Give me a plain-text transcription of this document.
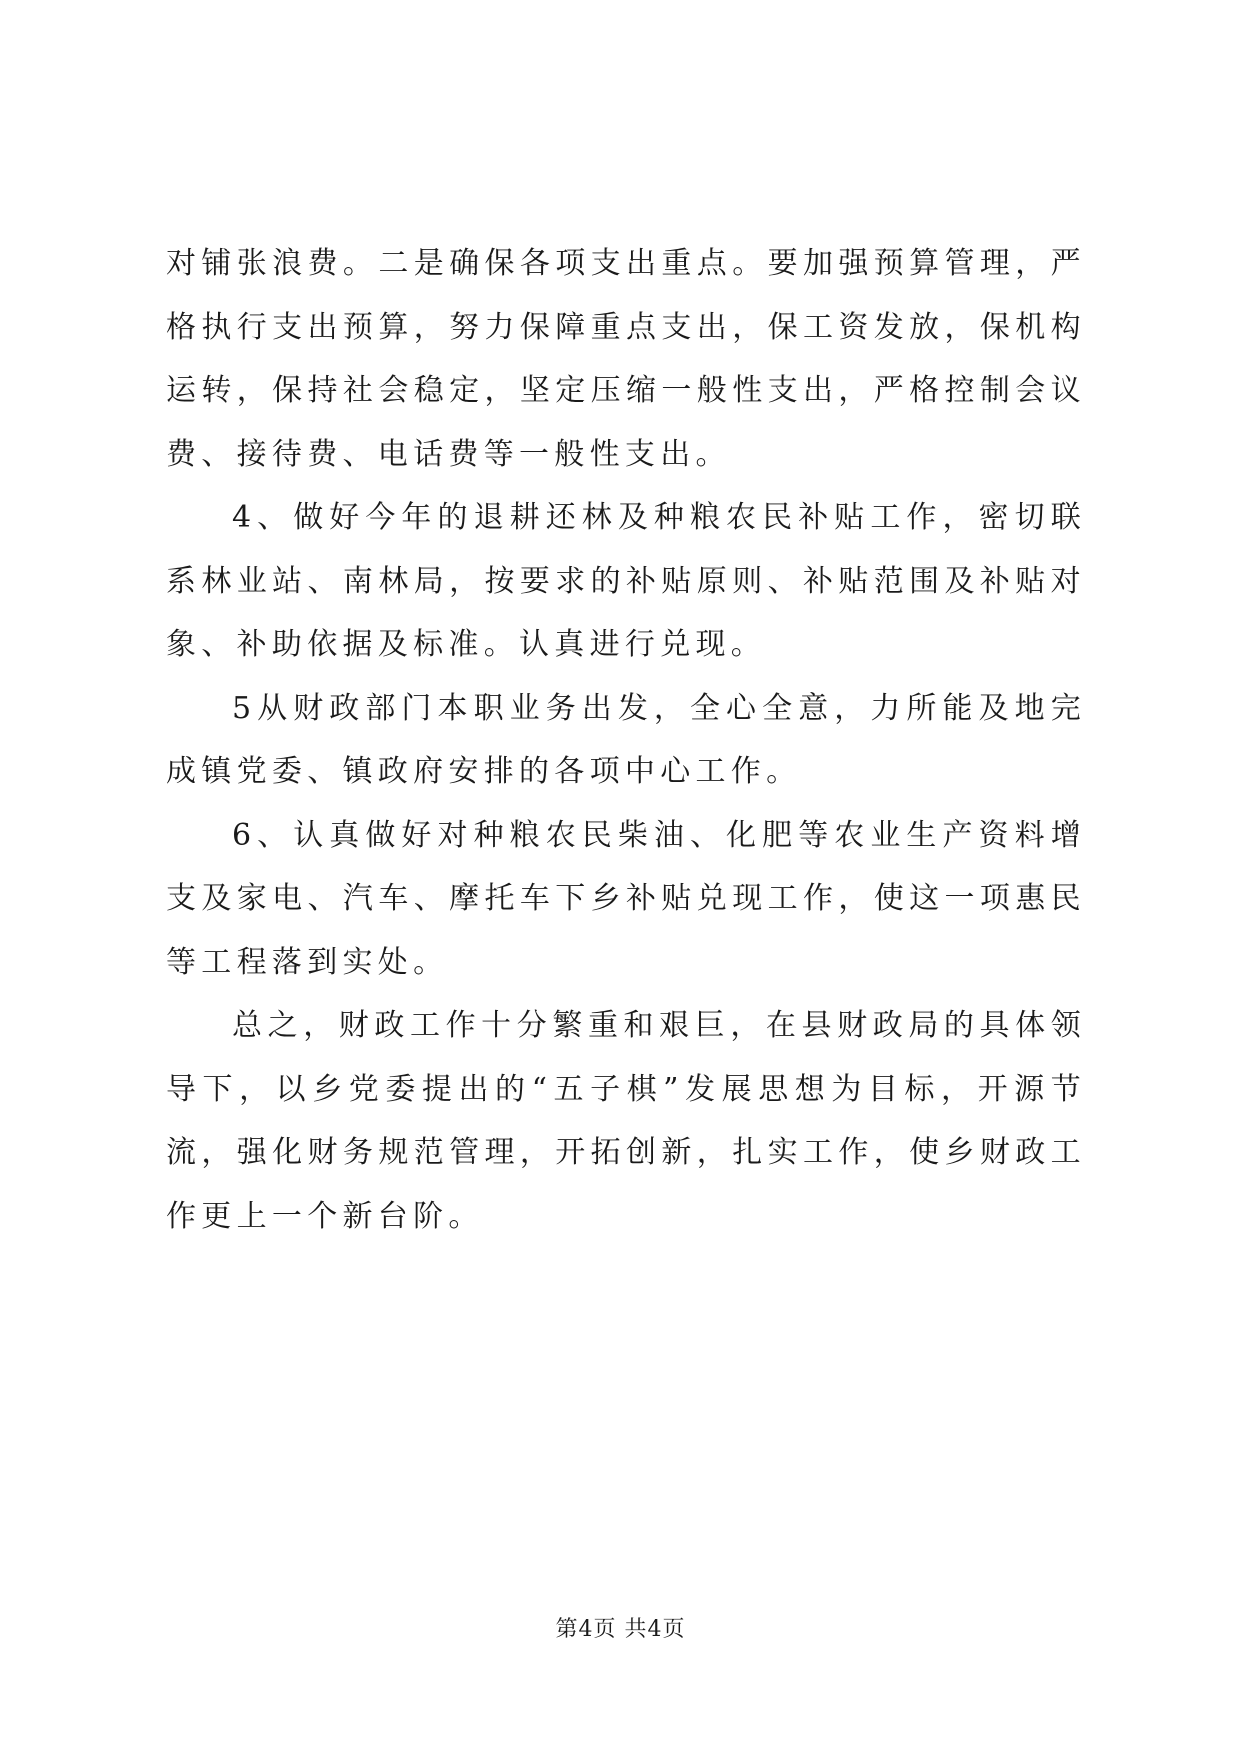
对铺张浪费。二是确保各项支出重点。要加强预算管理，严格执行支出预算，努力保障重点支出，保工资发放，保机构运转，保持社会稳定，坚定压缩一般性支出，严格控制会议费、接待费、电话费等一般性支出。

4、做好今年的退耕还林及种粮农民补贴工作，密切联系林业站、南林局，按要求的补贴原则、补贴范围及补贴对象、补助依据及标准。认真进行兑现。

5从财政部门本职业务出发，全心全意，力所能及地完成镇党委、镇政府安排的各项中心工作。

6、认真做好对种粮农民柴油、化肥等农业生产资料增支及家电、汽车、摩托车下乡补贴兑现工作，使这一项惠民等工程落到实处。

总之，财政工作十分繁重和艰巨，在县财政局的具体领导下，以乡党委提出的“五子棋”发展思想为目标，开源节流，强化财务规范管理，开拓创新，扎实工作，使乡财政工作更上一个新台阶。

第4页 共4页
